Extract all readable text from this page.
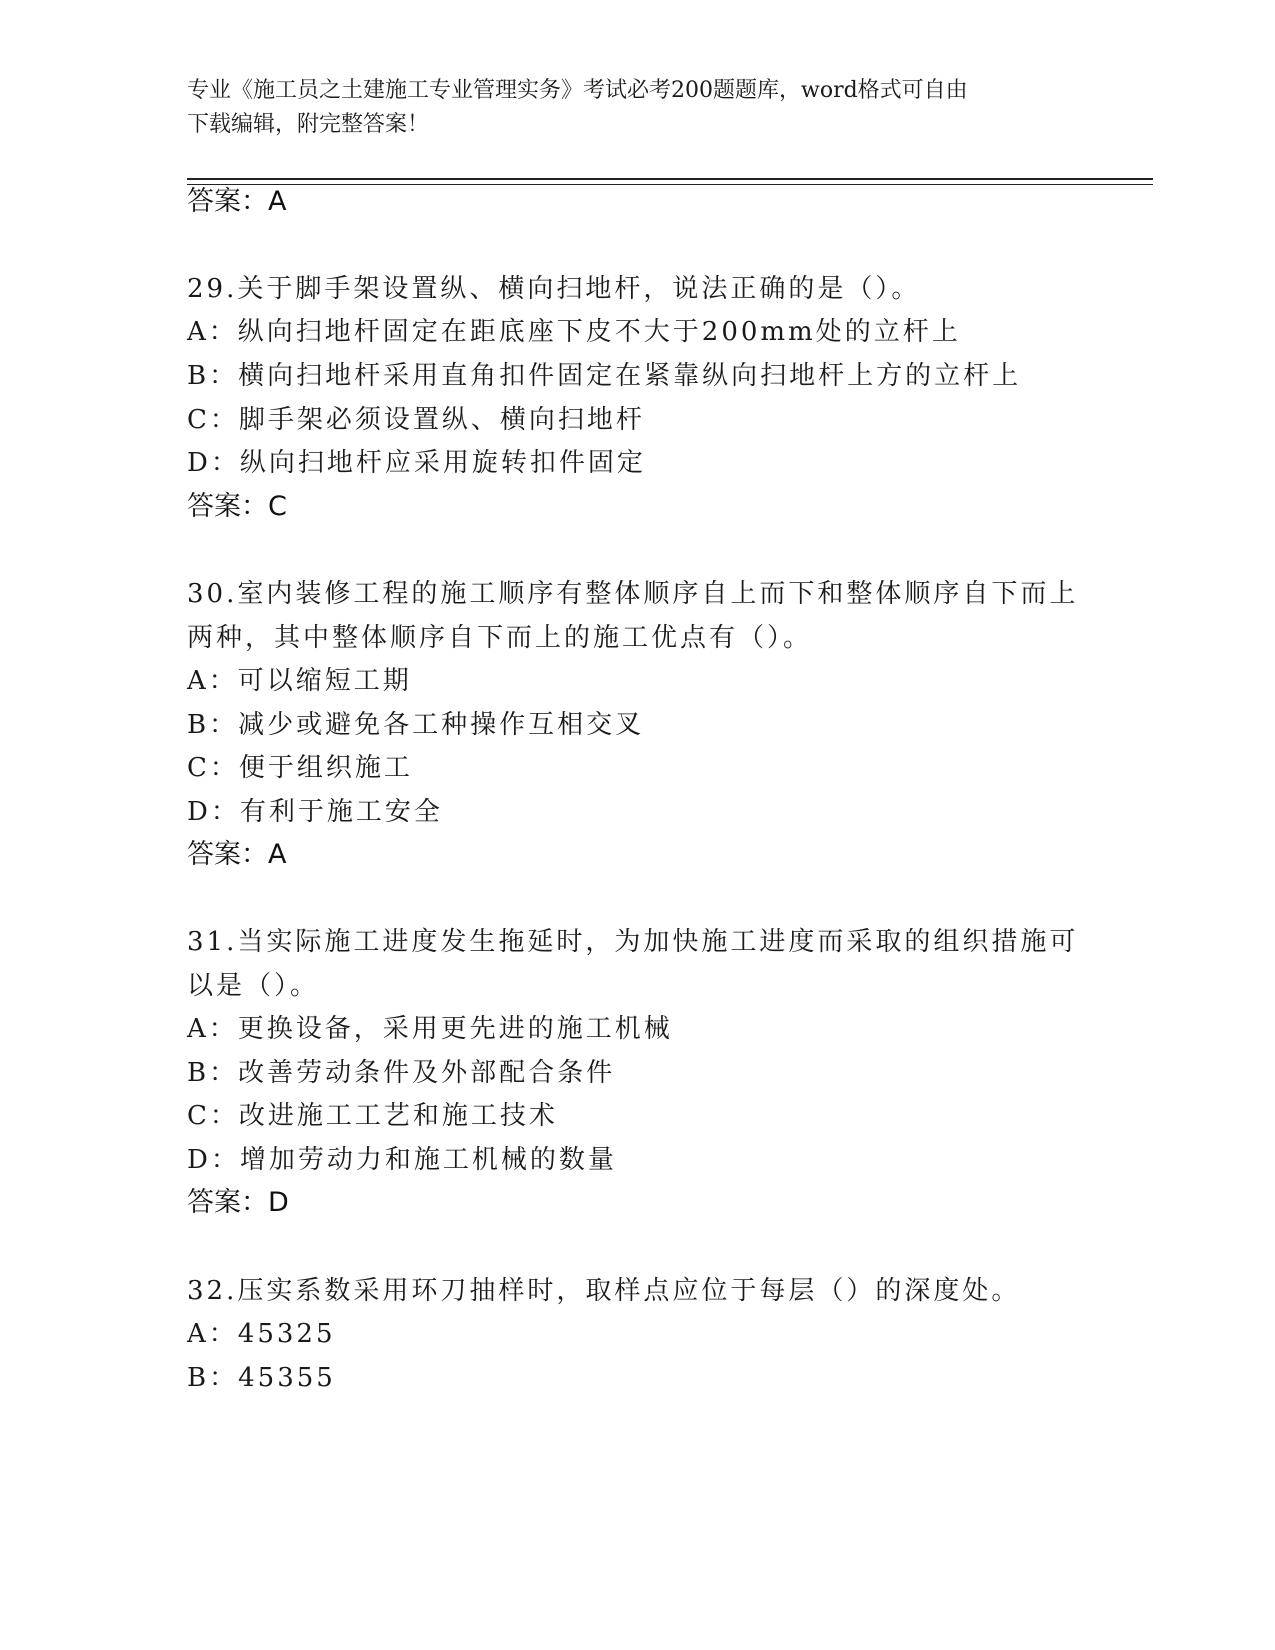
专业《施工员之土建施工专业管理实务》考试必考200题题库，word格式可自由
下载编辑，附完整答案！
答案：A
29.关于脚手架设置纵、横向扫地杆，说法正确的是（）。
A：纵向扫地杆固定在距底座下皮不大于200mm处的立杆上
B：横向扫地杆采用直角扣件固定在紧靠纵向扫地杆上方的立杆上
C：脚手架必须设置纵、横向扫地杆
D：纵向扫地杆应采用旋转扣件固定
答案：C
30.室内装修工程的施工顺序有整体顺序自上而下和整体顺序自下而上
两种，其中整体顺序自下而上的施工优点有（）。
A：可以缩短工期
B：减少或避免各工种操作互相交叉
C：便于组织施工
D：有利于施工安全
答案：A
31.当实际施工进度发生拖延时，为加快施工进度而采取的组织措施可
以是（）。
A：更换设备，采用更先进的施工机械
B：改善劳动条件及外部配合条件
C：改进施工工艺和施工技术
D：增加劳动力和施工机械的数量
答案：D
32.压实系数采用环刀抽样时，取样点应位于每层（）的深度处。
A：45325
B：45355
